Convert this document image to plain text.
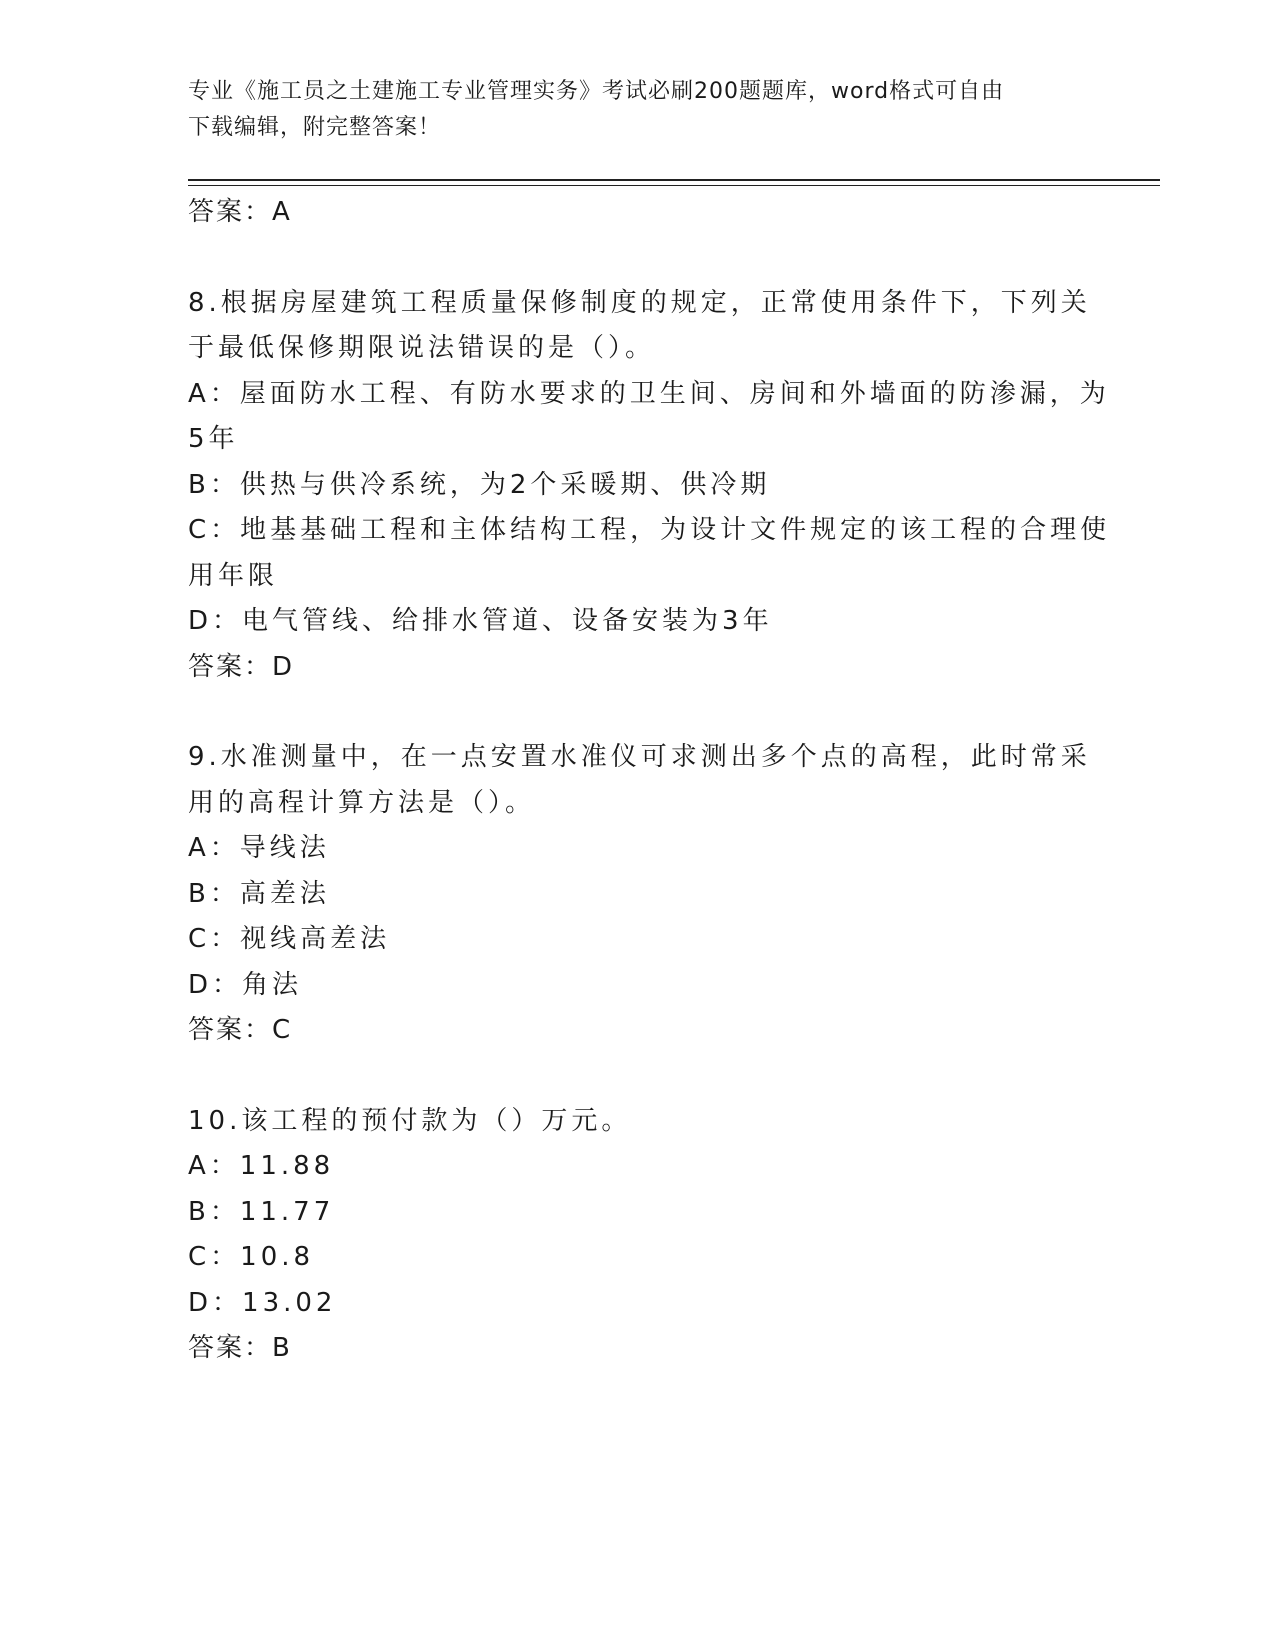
专业《施工员之土建施工专业管理实务》考试必刷200题题库，word格式可自由
下载编辑，附完整答案！
答案：A
8.根据房屋建筑工程质量保修制度的规定，正常使用条件下，下列关
于最低保修期限说法错误的是（）。
A：屋面防水工程、有防水要求的卫生间、房间和外墙面的防渗漏，为
5年
B：供热与供冷系统，为2个采暖期、供冷期
C：地基基础工程和主体结构工程，为设计文件规定的该工程的合理使
用年限
D：电气管线、给排水管道、设备安装为3年
答案：D
9.水准测量中，在一点安置水准仪可求测出多个点的高程，此时常采
用的高程计算方法是（）。
A：导线法
B：高差法
C：视线高差法
D：角法
答案：C
10.该工程的预付款为（）万元。
A：11.88
B：11.77
C：10.8
D：13.02
答案：B
